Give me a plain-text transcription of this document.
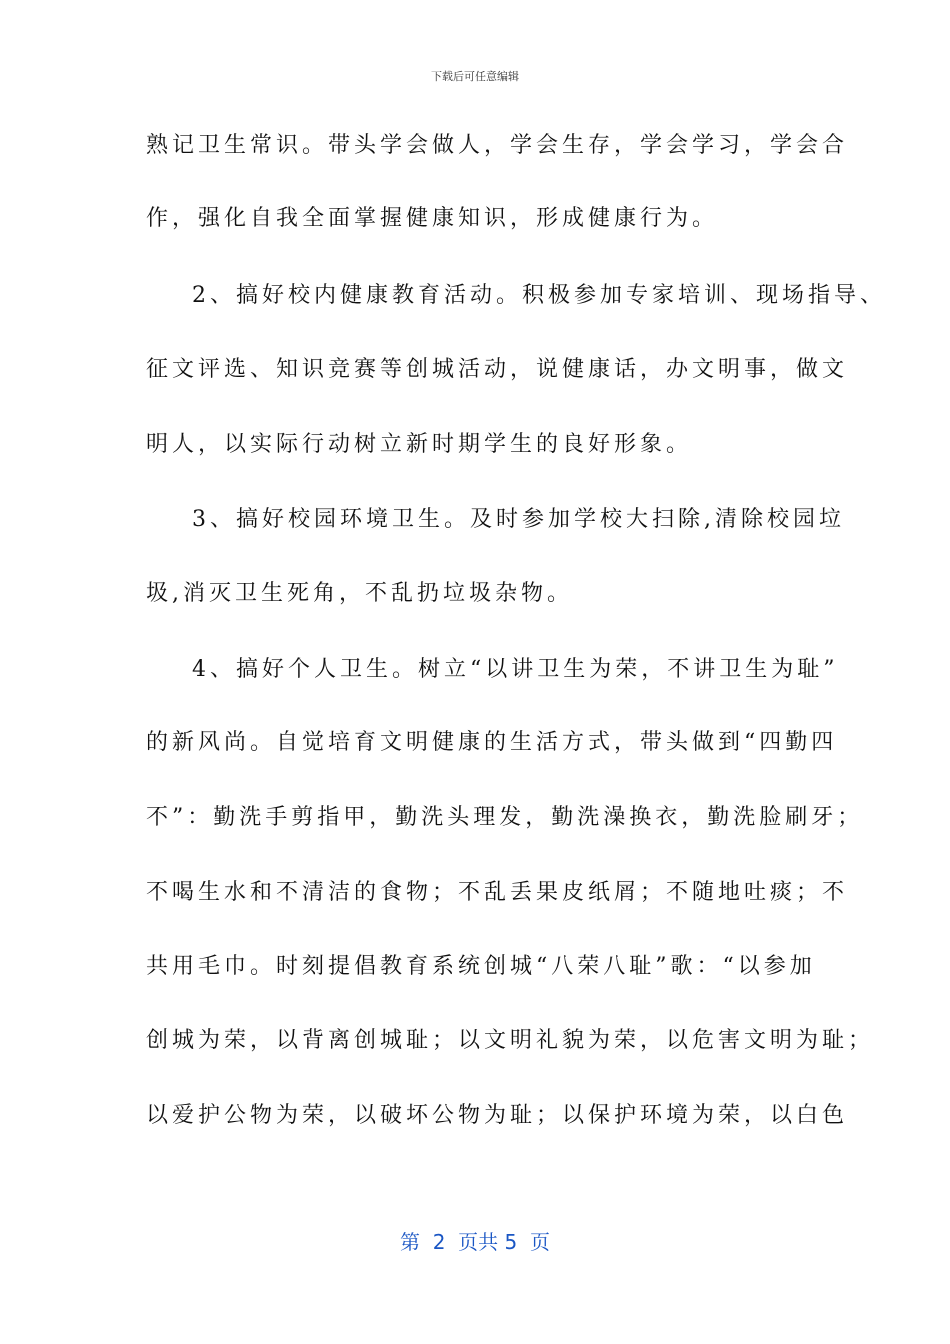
下载后可任意编辑
熟记卫生常识。带头学会做人，学会生存，学会学习，学会合
作，强化自我全面掌握健康知识，形成健康行为。
2、搞好校内健康教育活动。积极参加专家培训、现场指导、
征文评选、知识竞赛等创城活动，说健康话，办文明事，做文
明人，以实际行动树立新时期学生的良好形象。
3、搞好校园环境卫生。及时参加学校大扫除,清除校园垃
圾,消灭卫生死角，不乱扔垃圾杂物。
4、搞好个人卫生。树立“以讲卫生为荣，不讲卫生为耻”
的新风尚。自觉培育文明健康的生活方式，带头做到“四勤四
不”：勤洗手剪指甲，勤洗头理发，勤洗澡换衣，勤洗脸刷牙；
不喝生水和不清洁的食物；不乱丢果皮纸屑；不随地吐痰；不
共用毛巾。时刻提倡教育系统创城“八荣八耻”歌：“以参加
创城为荣，以背离创城耻；以文明礼貌为荣，以危害文明为耻；
以爱护公物为荣，以破坏公物为耻；以保护环境为荣，以白色
第  2  页共 5  页
